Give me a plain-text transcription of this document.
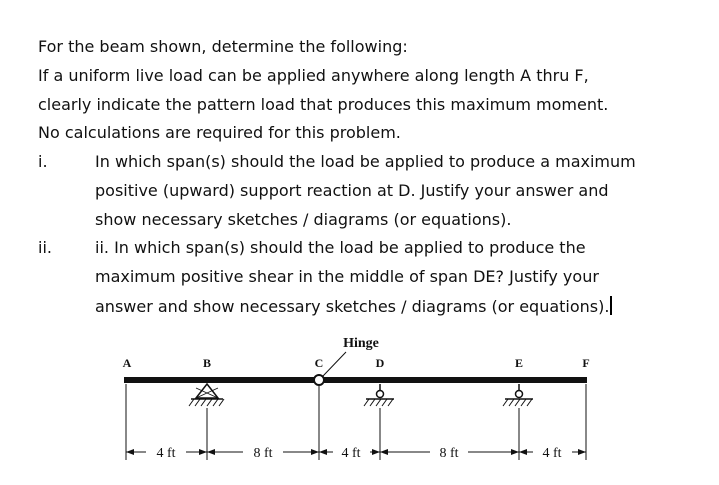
For the beam shown, determine the following:
If a uniform live load can be applied anywhere along length A thru F,
clearly indicate the pattern load that produces this maximum moment.
No calculations are required for this problem.
i.	In which span(s) should the load be applied to produce a maximum
positive (upward) support reaction at D. Justify your answer and
show necessary sketches / diagrams (or equations).
ii.	ii. In which span(s) should the load be applied to produce the
maximum positive shear in the middle of span DE? Justify your
answer and show necessary sketches / diagrams (or equations).
A	B	C	D	E	F
Hinge
4 ft	8 ft	4 ft	8 ft	4 ft
